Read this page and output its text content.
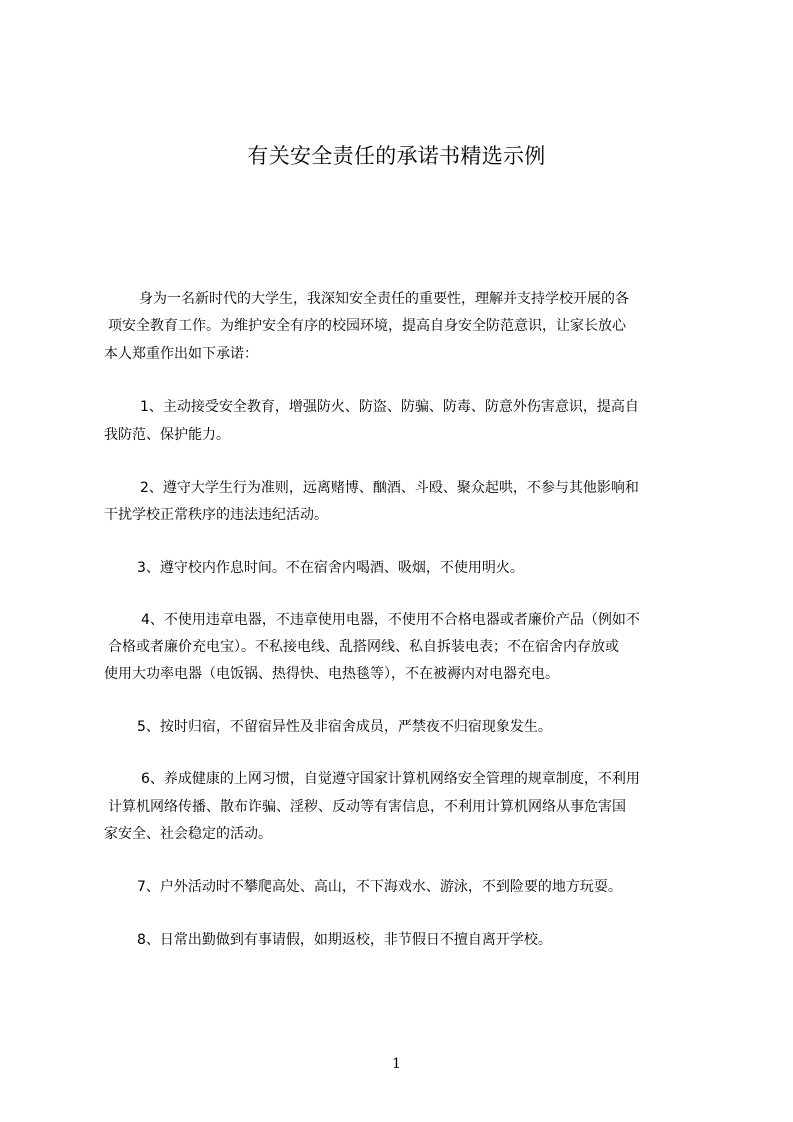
有关安全责任的承诺书精选示例
身为一名新时代的大学生，我深知安全责任的重要性，理解并支持学校开展的各
项安全教育工作。为维护安全有序的校园环境，提高自身安全防范意识，让家长放心
本人郑重作出如下承诺：
1、主动接受安全教育，增强防火、防盗、防骗、防毒、防意外伤害意识，提高自
我防范、保护能力。
2、遵守大学生行为准则，远离赌博、酗酒、斗殴、聚众起哄，不参与其他影响和
干扰学校正常秩序的违法违纪活动。
3、遵守校内作息时间。不在宿舍内喝酒、吸烟，不使用明火。
4、不使用违章电器，不违章使用电器，不使用不合格电器或者廉价产品（例如不
合格或者廉价充电宝）。不私接电线、乱搭网线、私自拆装电表；不在宿舍内存放或
使用大功率电器（电饭锅、热得快、电热毯等），不在被褥内对电器充电。
5、按时归宿，不留宿异性及非宿舍成员，严禁夜不归宿现象发生。
6、养成健康的上网习惯，自觉遵守国家计算机网络安全管理的规章制度，不利用
计算机网络传播、散布诈骗、淫秽、反动等有害信息，不利用计算机网络从事危害国
家安全、社会稳定的活动。
7、户外活动时不攀爬高处、高山，不下海戏水、游泳，不到险要的地方玩耍。
8、日常出勤做到有事请假，如期返校，非节假日不擅自离开学校。
1
